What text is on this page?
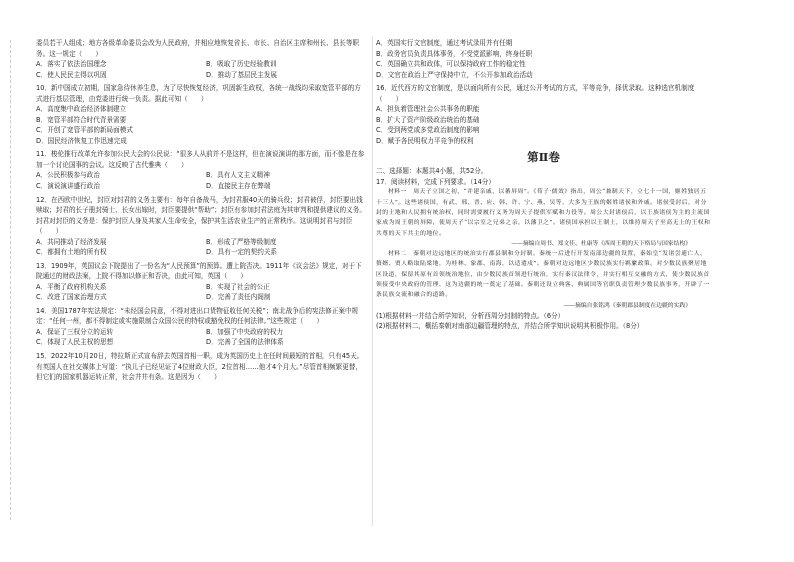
委员若干人组成；地方各级革命委员会改为人民政府，并相应地恢复省长、市长、自治区主席和州长、县长等职务。这一规定（　　）

A．落实了依法治国理念	B．吸取了历史经验教训
C．使人民民主得以巩固	D．推动了基层民主发展

10．新中国成立初期，国家急待休养生息，为了尽快恢复经济，巩固新生政权，各统一战线均采取宽管平部的方式进行基层管理，由党委进行统一负责。据此可知（　　）

A．高度集中政治经济体制建立
B．宽管平部符合时代背景需要
C．开创了宽管平部的新局面模式
D．国民经济恢复工作迅速完成

11．梭伦推行改革允许参加公民大会的公民说：“很多人从前并不是这样，但在演说演讲的那方面，而不像是在参加一个讨论国事的会议。这反映了古代雅典（　　）

A．公民积极参与政治	B．具有人文主义精神
C．演说演讲盛行政治	D．直接民主存在弊端

12．在西欧中世纪，封臣对封君的义务主要有：每年自备战马，为封君服40天的骑兵役；封君被俘，封臣要出钱赎取；封君的长子册封骑士、长女出嫁时，封臣要提供“帮助”；封臣有参加封君法庭为其审判和提供建议的义务。封君对封臣的义务是：保护封臣人身及其家人生命安全，保护其生活农业生产的正常秩序。这说明封君与封臣（　　）

A．共同推动了经济发展	B．形成了严格等级制度
C．都拥有土地的所有权	D．具有一定的契约关系

13．1909年，英国议会下院提出了一份名为“人民预算”的预算。遭上院否决。1911年《议会法》规定，对于下院通过的财政法案，上院不得加以修正和否决，由此可知，英国（　　）

A．平衡了政府机构关系	B．实现了社会的公正
C．改进了国家治理方式	D．完善了责任内阁制

14．美国1787年宪法规定：“未经国会同意，不得对进出口货物征收任何关税”；南北战争后的宪法修正案中规定：“任何一州，都不得制定或实施限制合众国公民的特权或豁免权的任何法律。”这些规定（　　）

A．保证了三权分立的运转	B．加强了中央政府的权力
C．体现了人民主权的思想	D．完善了全国的法律体系

15．2022年10月20日，特拉斯正式宣布辞去英国首相一职，成为英国历史上在任时间最短的首相，只有45天。有英国人在社交媒体上写道：“执儿子已经见证了4位财政大臣，2位首相……他才4个月大。”尽管首相频繁更替，但它们的国家机器运转正常，社会井井有条。这是因为（　　）

A．英国实行文官制度，通过考试录用并有任期
B．政务官员负责具体事务，不受党派影响，终身任职
C．英国确立共和政体，可以保持政府工作的稳定性
D．文官在政治上严守保持中立，不公开参加政治活动

16．近代西方的文官制度，是以面向所有公民，通过公开考试的方式，平等竞争，择优录取。这种选官机制度（　　）

A．担负着管理社会公共事务的职能
B．扩大了资产阶级政治统治的基础
C．受到两党或多党政治制度的影响
D．赋予各民明权力平竞争的权利
第Ⅱ卷

二、选择题：本题共4小题，共52分。

17．阅读材料，完成下列要求。（14分）

材料一　周天子立国之初，“并建亲戚，以蕃屏周”。《荀子·儒效》指出，周公“兼制天下，立七十一国，姬姓独居五十三人”。这些诸侯国，有武、邢、晋、应、韩、许、宁、燕、吴等，大多为王族的姬姓诸侯和外戚。诸侯受封后，对分封的土地和人民拥有统治权，同时需要履行义务为周天子提供军赋和力役等。周公大封诸侯后，以王族诸侯为主的主流国家成为周王朝的屏障，使周天子“以宗室之兄弟之亲，以藩卫之”。诸侯国承担以王制土，以维持周天子至高无上的王权和共尊的天下共主的地位。

——摘编自周书、郑文佳、杜康等《西周王朝的天下格局与国家结构》

材料二　秦朝对边远地区的统治实行郡县制和分封制。秦统一后进行开发南部边疆的设置，秦始皇“发诸尝逋亡人、赘婿、贾人略取陆梁地，为桂林、象郡、南海，以适遣戍”。秦朝对边远地区少数民族实行羁縻政策。对少数民族聚居地区设道，保留其原有首领统治地位，由少数民族首领进行统治，实行秦汉法律令，并实行相互交融的方式，使少数民族首领接受中央政府的管理，这为边疆的统一奠定了基础。秦朝还设立典客、典属国等官职负责管理少数民族事务，开辟了一条民族交流和融合的道路。

——摘编自张铭鸿《秦朝郡县制度在边疆的实践》

(1)根据材料一并结合所学知识，分析西周分封制的特点。（6分）

(2)根据材料二，概括秦朝对南部边疆管理的特点，并结合所学知识说明其积极作用。（8分）
